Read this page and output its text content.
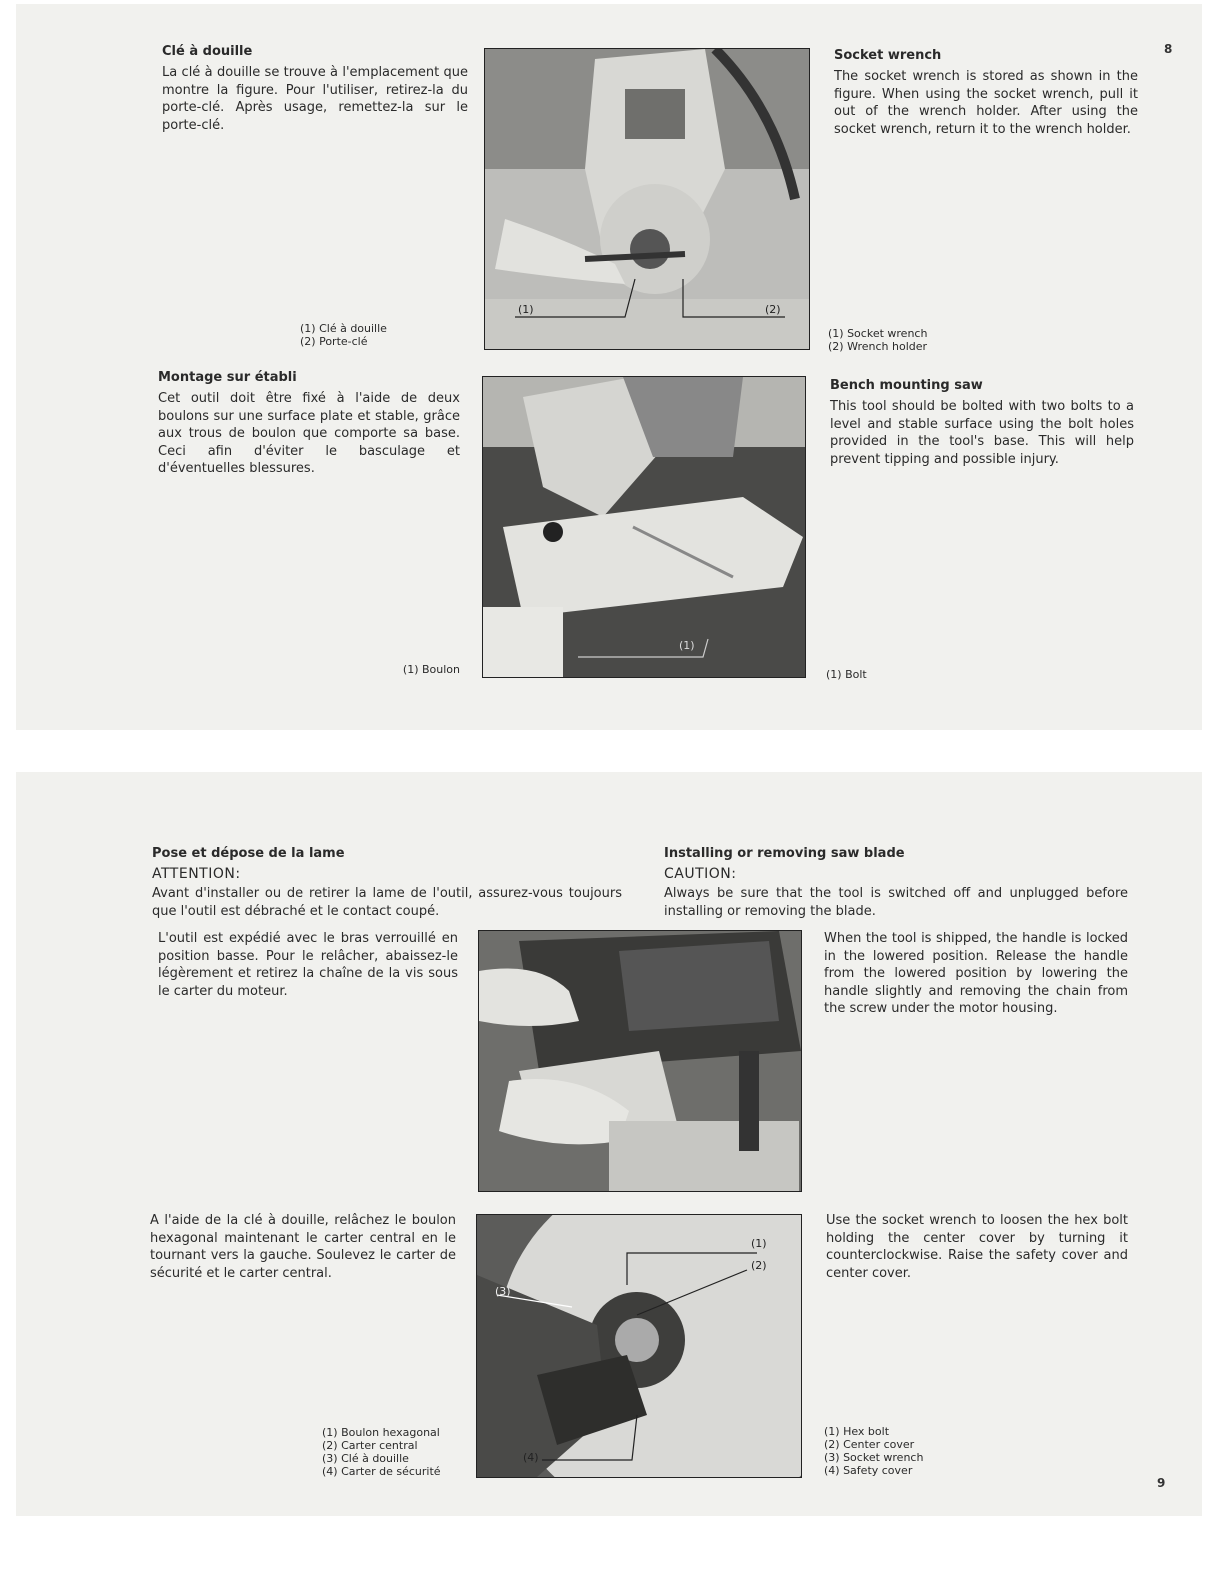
8
Clé à douille

La clé à douille se trouve à l'emplacement que montre la figure. Pour l'utiliser, retirez-la du porte-clé. Après usage, remettez-la sur le porte-clé.

(1)	(2)

(1) Clé à douille

(2) Porte-clé

Socket wrench

The socket wrench is stored as shown in the figure. When using the socket wrench, pull it out of the wrench holder. After using the socket wrench, return it to the wrench holder.

(1) Socket wrench

(2) Wrench holder

Montage sur établi

Cet outil doit être fixé à l'aide de deux boulons sur une surface plate et stable, grâce aux trous de boulon que comporte sa base. Ceci afin d'éviter le basculage et d'éventuelles blessures.

(1)

(1) Boulon

Bench mounting saw

This tool should be bolted with two bolts to a level and stable surface using the bolt holes provided in the tool's base. This will help prevent tipping and possible injury.

(1) Bolt

9
Pose et dépose de la lame
ATTENTION:

Avant d'installer ou de retirer la lame de l'outil, assurez-vous toujours que l'outil est débraché et le contact coupé.

Installing or removing saw blade
CAUTION:

Always be sure that the tool is switched off and unplugged before installing or removing the blade.

L'outil est expédié avec le bras verrouillé en position basse. Pour le relâcher, abaissez-le légèrement et retirez la chaîne de la vis sous le carter du moteur.

When the tool is shipped, the handle is locked in the lowered position. Release the handle from the lowered position by lowering the handle slightly and removing the chain from the screw under the motor housing.

A l'aide de la clé à douille, relâchez le boulon hexagonal maintenant le carter central en le tournant vers la gauche. Soulevez le carter de sécurité et le carter central.

(1)
(2)
(3)
(4)

Use the socket wrench to loosen the hex bolt holding the center cover by turning it counterclockwise. Raise the safety cover and center cover.

(1) Boulon hexagonal

(2) Carter central

(3) Clé à douille

(4) Carter de sécurité

(1) Hex bolt

(2) Center cover

(3) Socket wrench

(4) Safety cover
